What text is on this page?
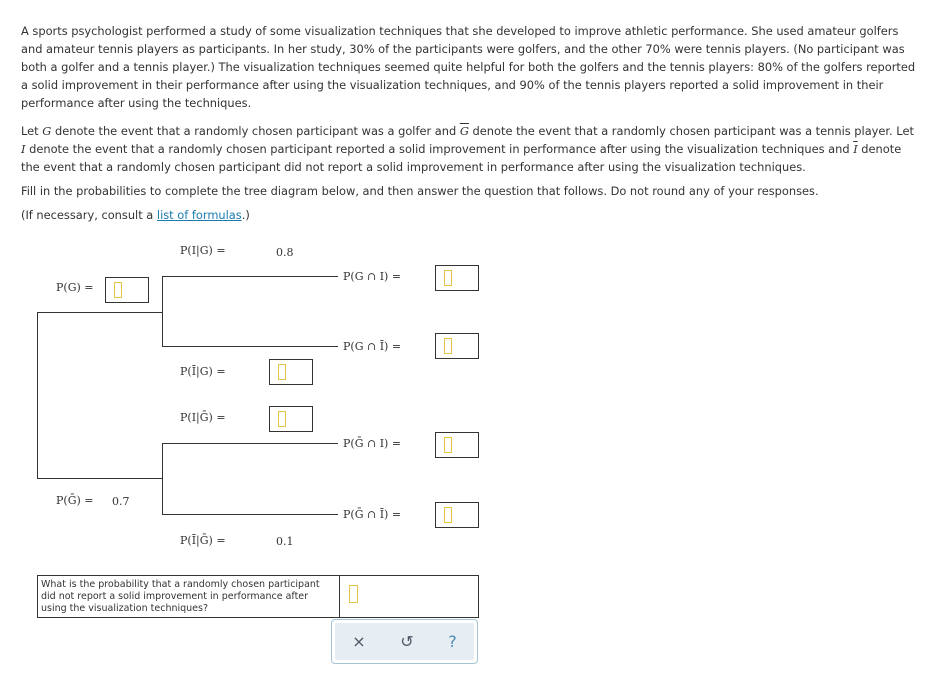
A sports psychologist performed a study of some visualization techniques that she developed to improve athletic performance. She used amateur golfers and amateur tennis players as participants. In her study, 30% of the participants were golfers, and the other 70% were tennis players. (No participant was both a golfer and a tennis player.) The visualization techniques seemed quite helpful for both the golfers and the tennis players: 80% of the golfers reported a solid improvement in their performance after using the visualization techniques, and 90% of the tennis players reported a solid improvement in their performance after using the techniques.

Let G denote the event that a randomly chosen participant was a golfer and $\overline{G}$ denote the event that a randomly chosen participant was a tennis player. Let I denote the event that a randomly chosen participant reported a solid improvement in performance after using the visualization techniques and $\overline{I}$ denote the event that a randomly chosen participant did not report a solid improvement in performance after using the visualization techniques.

Fill in the probabilities to complete the tree diagram below, and then answer the question that follows. Do not round any of your responses.

(If necessary, consult a list of formulas.)

P(I|G) =	0.8
P(G) =
P(G ∩ I) =
P(G ∩ Ī) =
P(Ī|G) =
P(I|Ḡ) =
P(Ḡ ∩ I) =
P(Ḡ) = 0.7
P(Ḡ ∩ Ī) =
P(Ī|Ḡ) =	0.1
What is the probability that a randomly chosen participant did not report a solid improvement in performance after using the visualization techniques?
× ↺ ?
